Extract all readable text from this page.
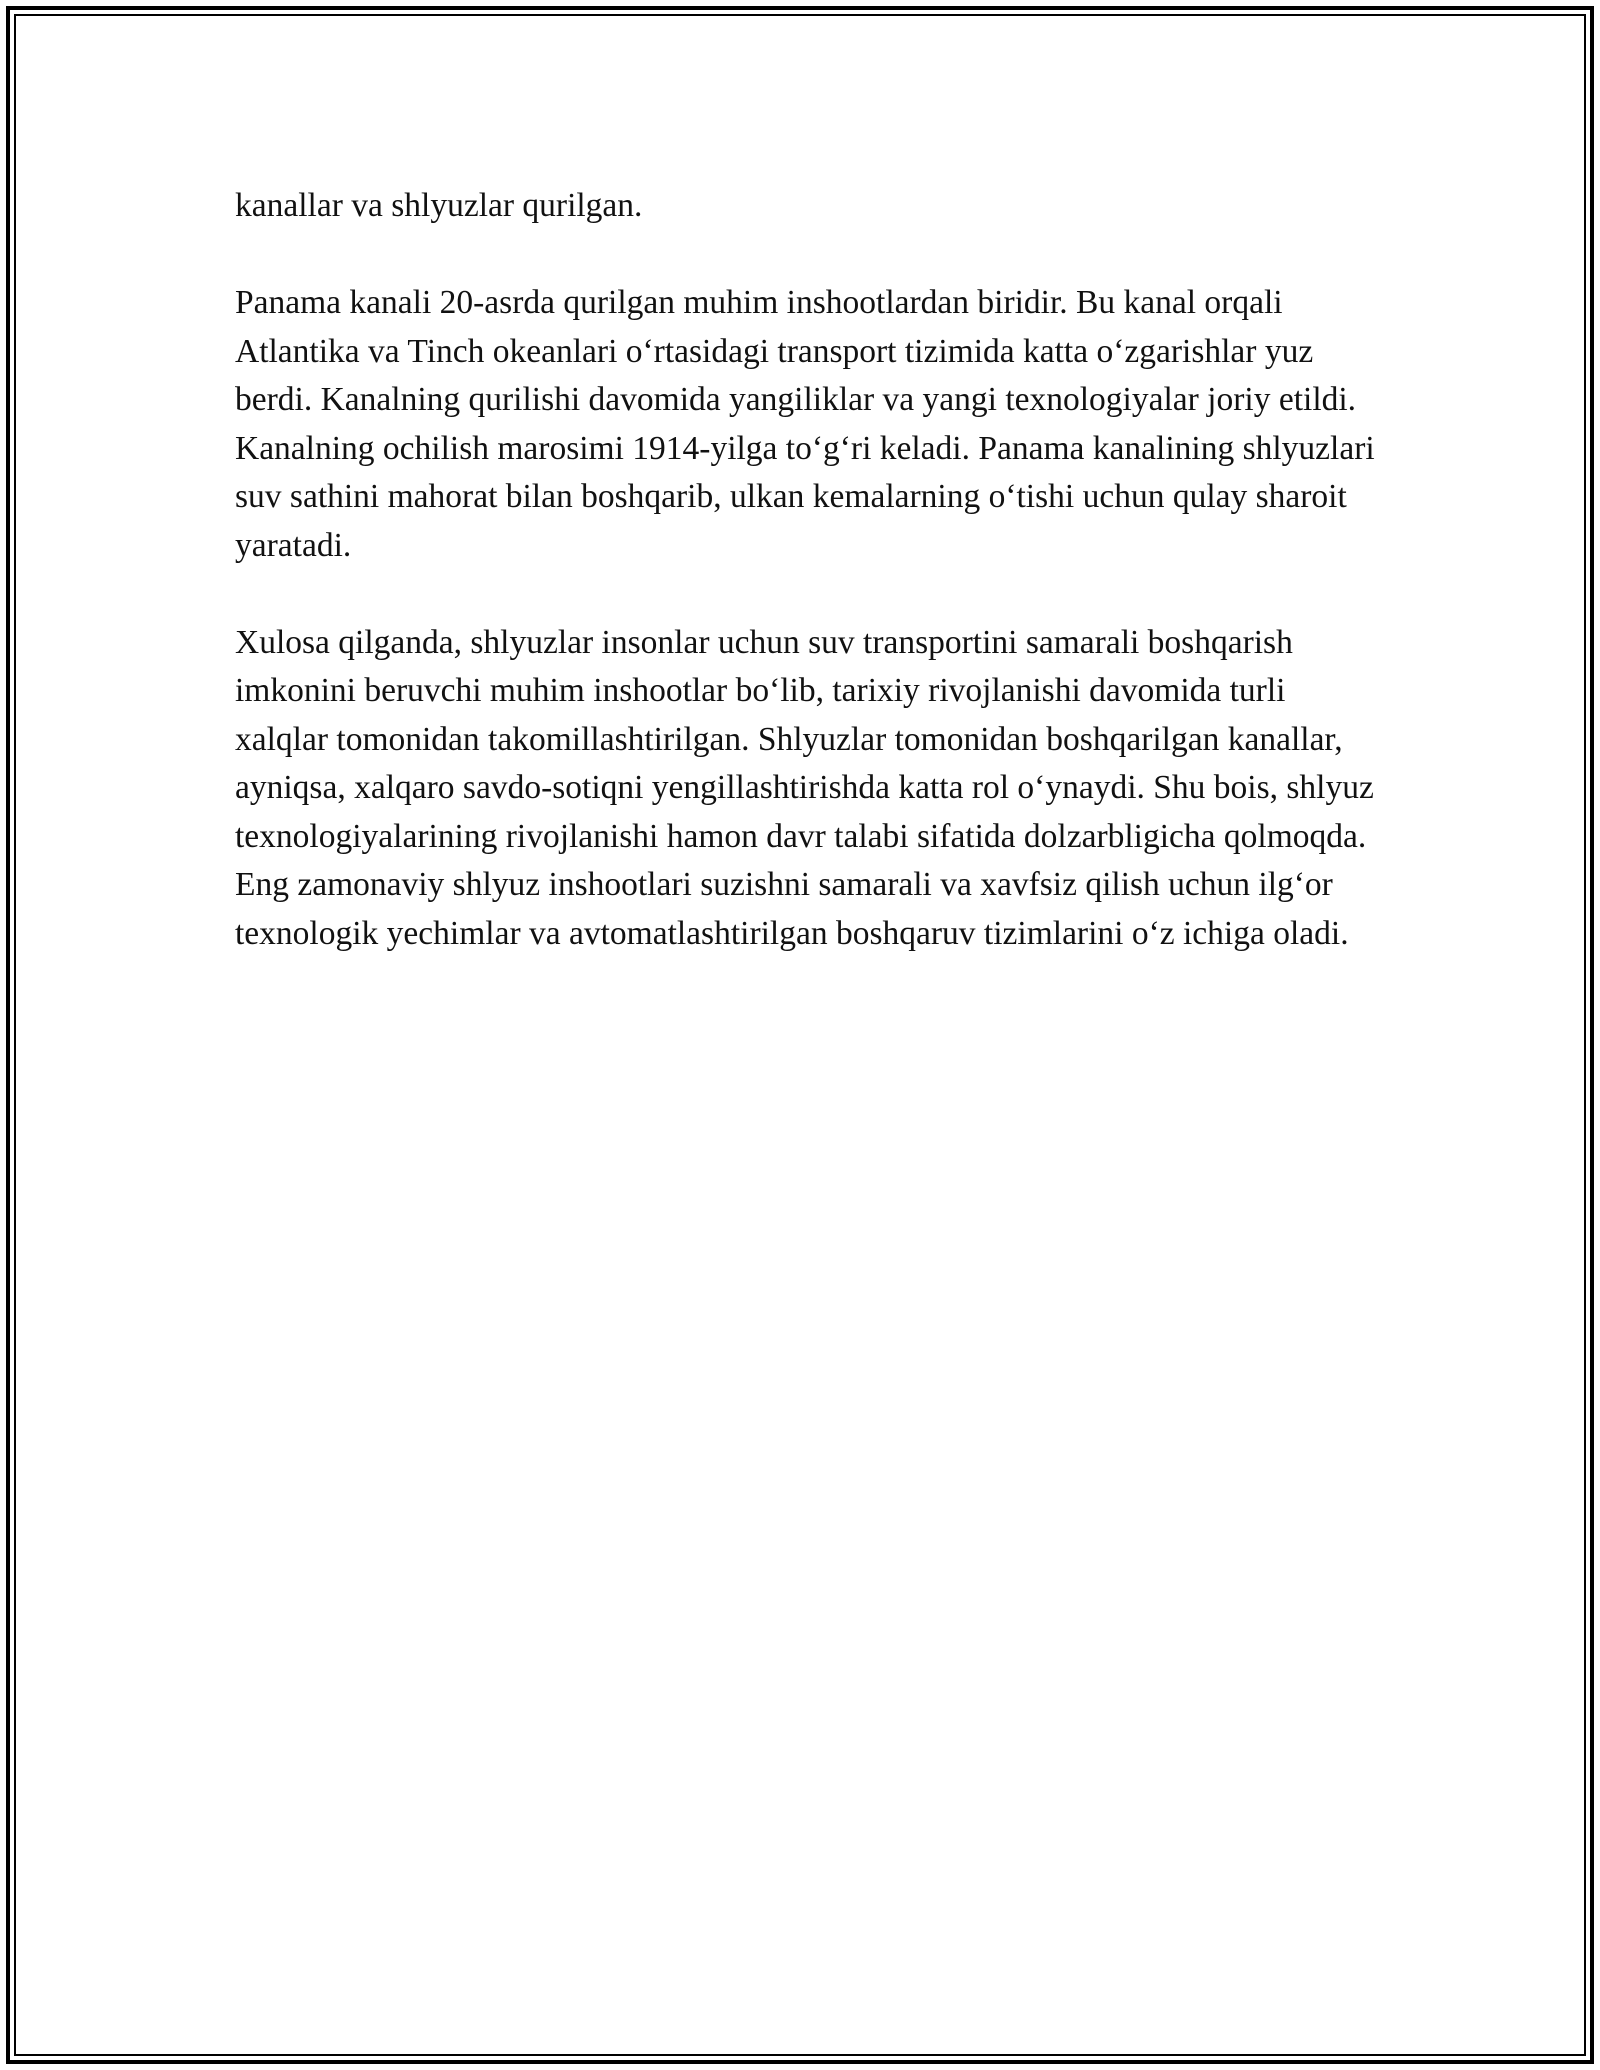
kanallar va shlyuzlar qurilgan.

Panama kanali 20-asrda qurilgan muhim inshootlardan biridir. Bu kanal orqali Atlantika va Tinch okeanlari o‘rtasidagi transport tizimida katta o‘zgarishlar yuz berdi. Kanalning qurilishi davomida yangiliklar va yangi texnologiyalar joriy etildi. Kanalning ochilish marosimi 1914-yilga to‘g‘ri keladi. Panama kanalining shlyuzlari suv sathini mahorat bilan boshqarib, ulkan kemalarning o‘tishi uchun qulay sharoit yaratadi.

Xulosa qilganda, shlyuzlar insonlar uchun suv transportini samarali boshqarish imkonini beruvchi muhim inshootlar bo‘lib, tarixiy rivojlanishi davomida turli xalqlar tomonidan takomillashtirilgan. Shlyuzlar tomonidan boshqarilgan kanallar, ayniqsa, xalqaro savdo-sotiqni yengillashtirishda katta rol o‘ynaydi. Shu bois, shlyuz texnologiyalarining rivojlanishi hamon davr talabi sifatida dolzarbligicha qolmoqda. Eng zamonaviy shlyuz inshootlari suzishni samarali va xavfsiz qilish uchun ilg‘or texnologik yechimlar va avtomatlashtirilgan boshqaruv tizimlarini o‘z ichiga oladi.
